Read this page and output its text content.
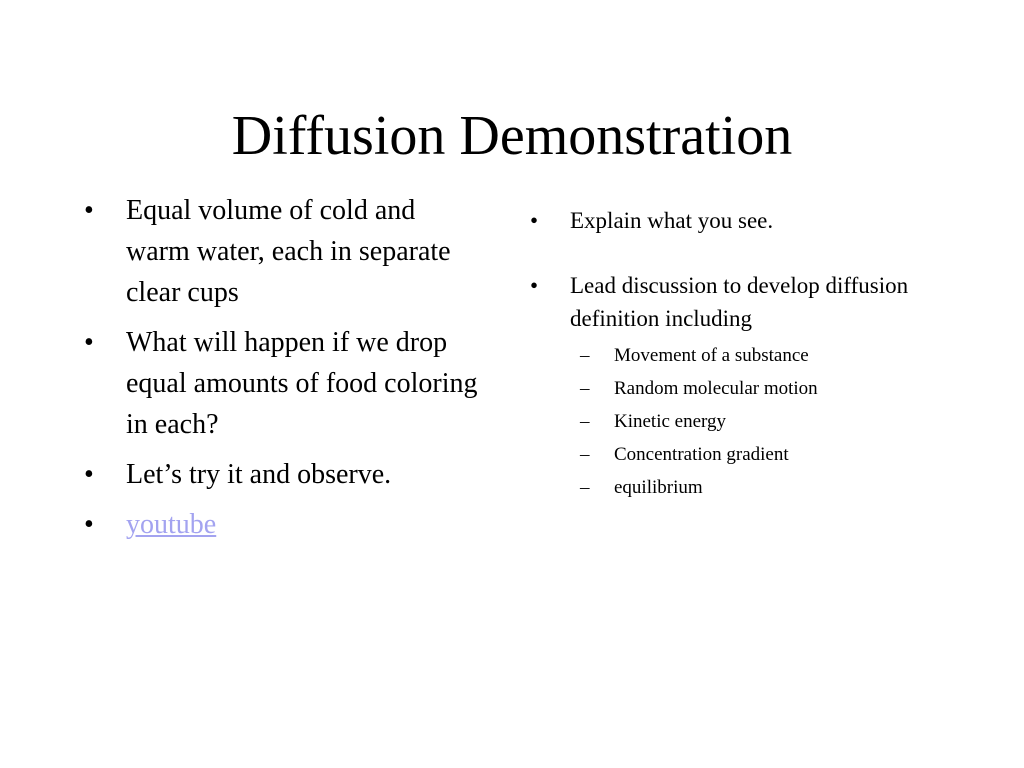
Diffusion Demonstration
• Equal volume of cold and warm water, each in separate clear cups
• What will happen if we drop equal amounts of food coloring in each?
• Let’s try it and observe.
• youtube
• Explain what you see.
• Lead discussion to develop diffusion definition including
– Movement of a substance
– Random molecular motion
– Kinetic energy
– Concentration gradient
– equilibrium
